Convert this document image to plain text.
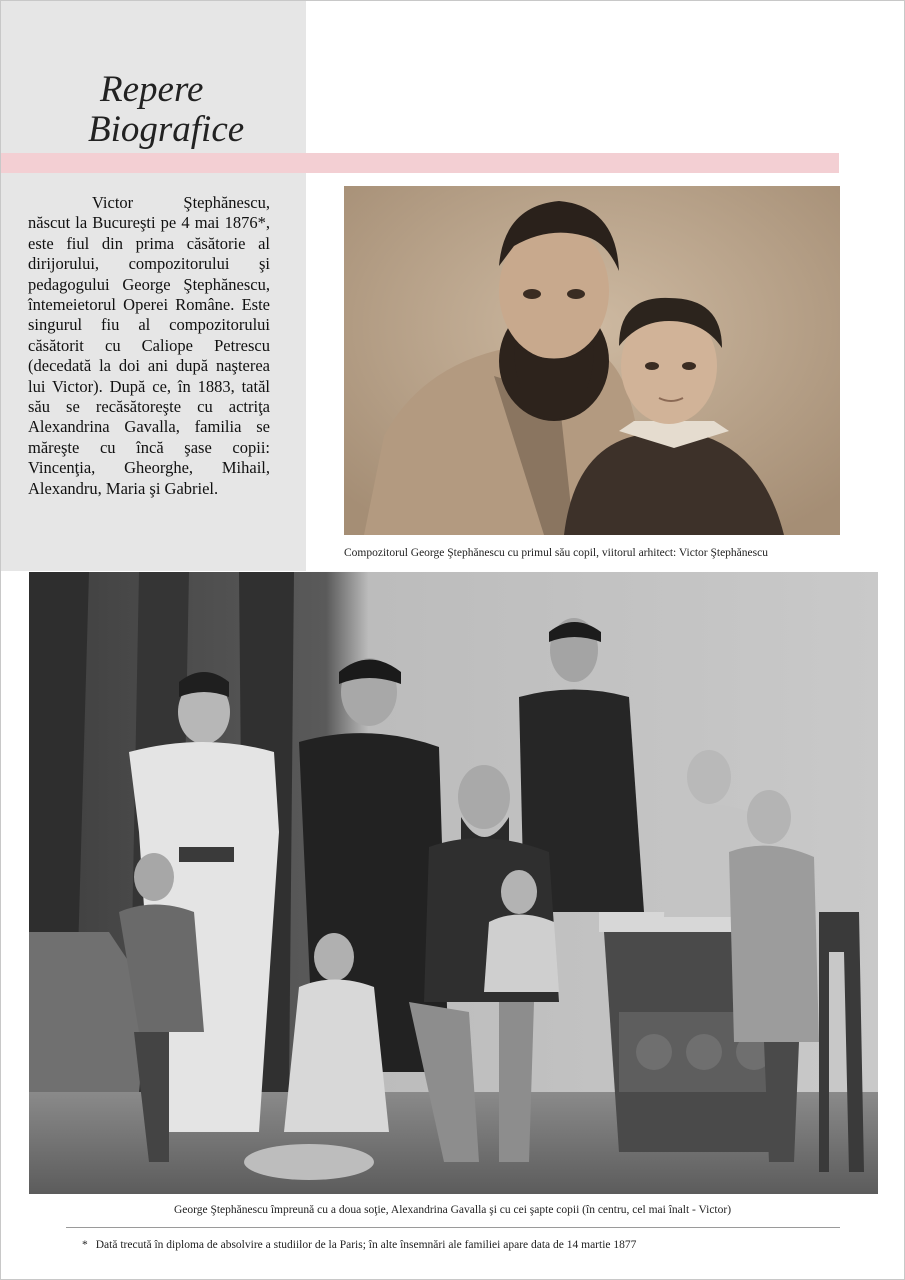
Repere
Biografice

Victor Ştephănescu, născut la Bucureşti pe 4 mai 1876*, este fiul din prima căsătorie al dirijorului, compozitorului şi pedagogului George Ştephănescu, întemeietorul Operei Române. Este singurul fiu al compozitorului căsătorit cu Caliope Petrescu (decedată la doi ani după naşterea lui Victor). După ce, în 1883, tatăl său se recăsătoreşte cu actriţa Alexandrina Gavalla, familia se măreşte cu încă şase copii: Vincenţia, Gheorghe, Mihail, Alexandru, Maria şi Gabriel.

Compozitorul George Ştephănescu cu primul său copil, viitorul arhitect: Victor Ştephănescu
George Ştephănescu împreună cu a doua soţie, Alexandrina Gavalla şi cu cei şapte copii (în centru, cel mai înalt - Victor)
* Dată trecută în diploma de absolvire a studiilor de la Paris; în alte însemnări ale familiei apare data de 14 martie 1877
